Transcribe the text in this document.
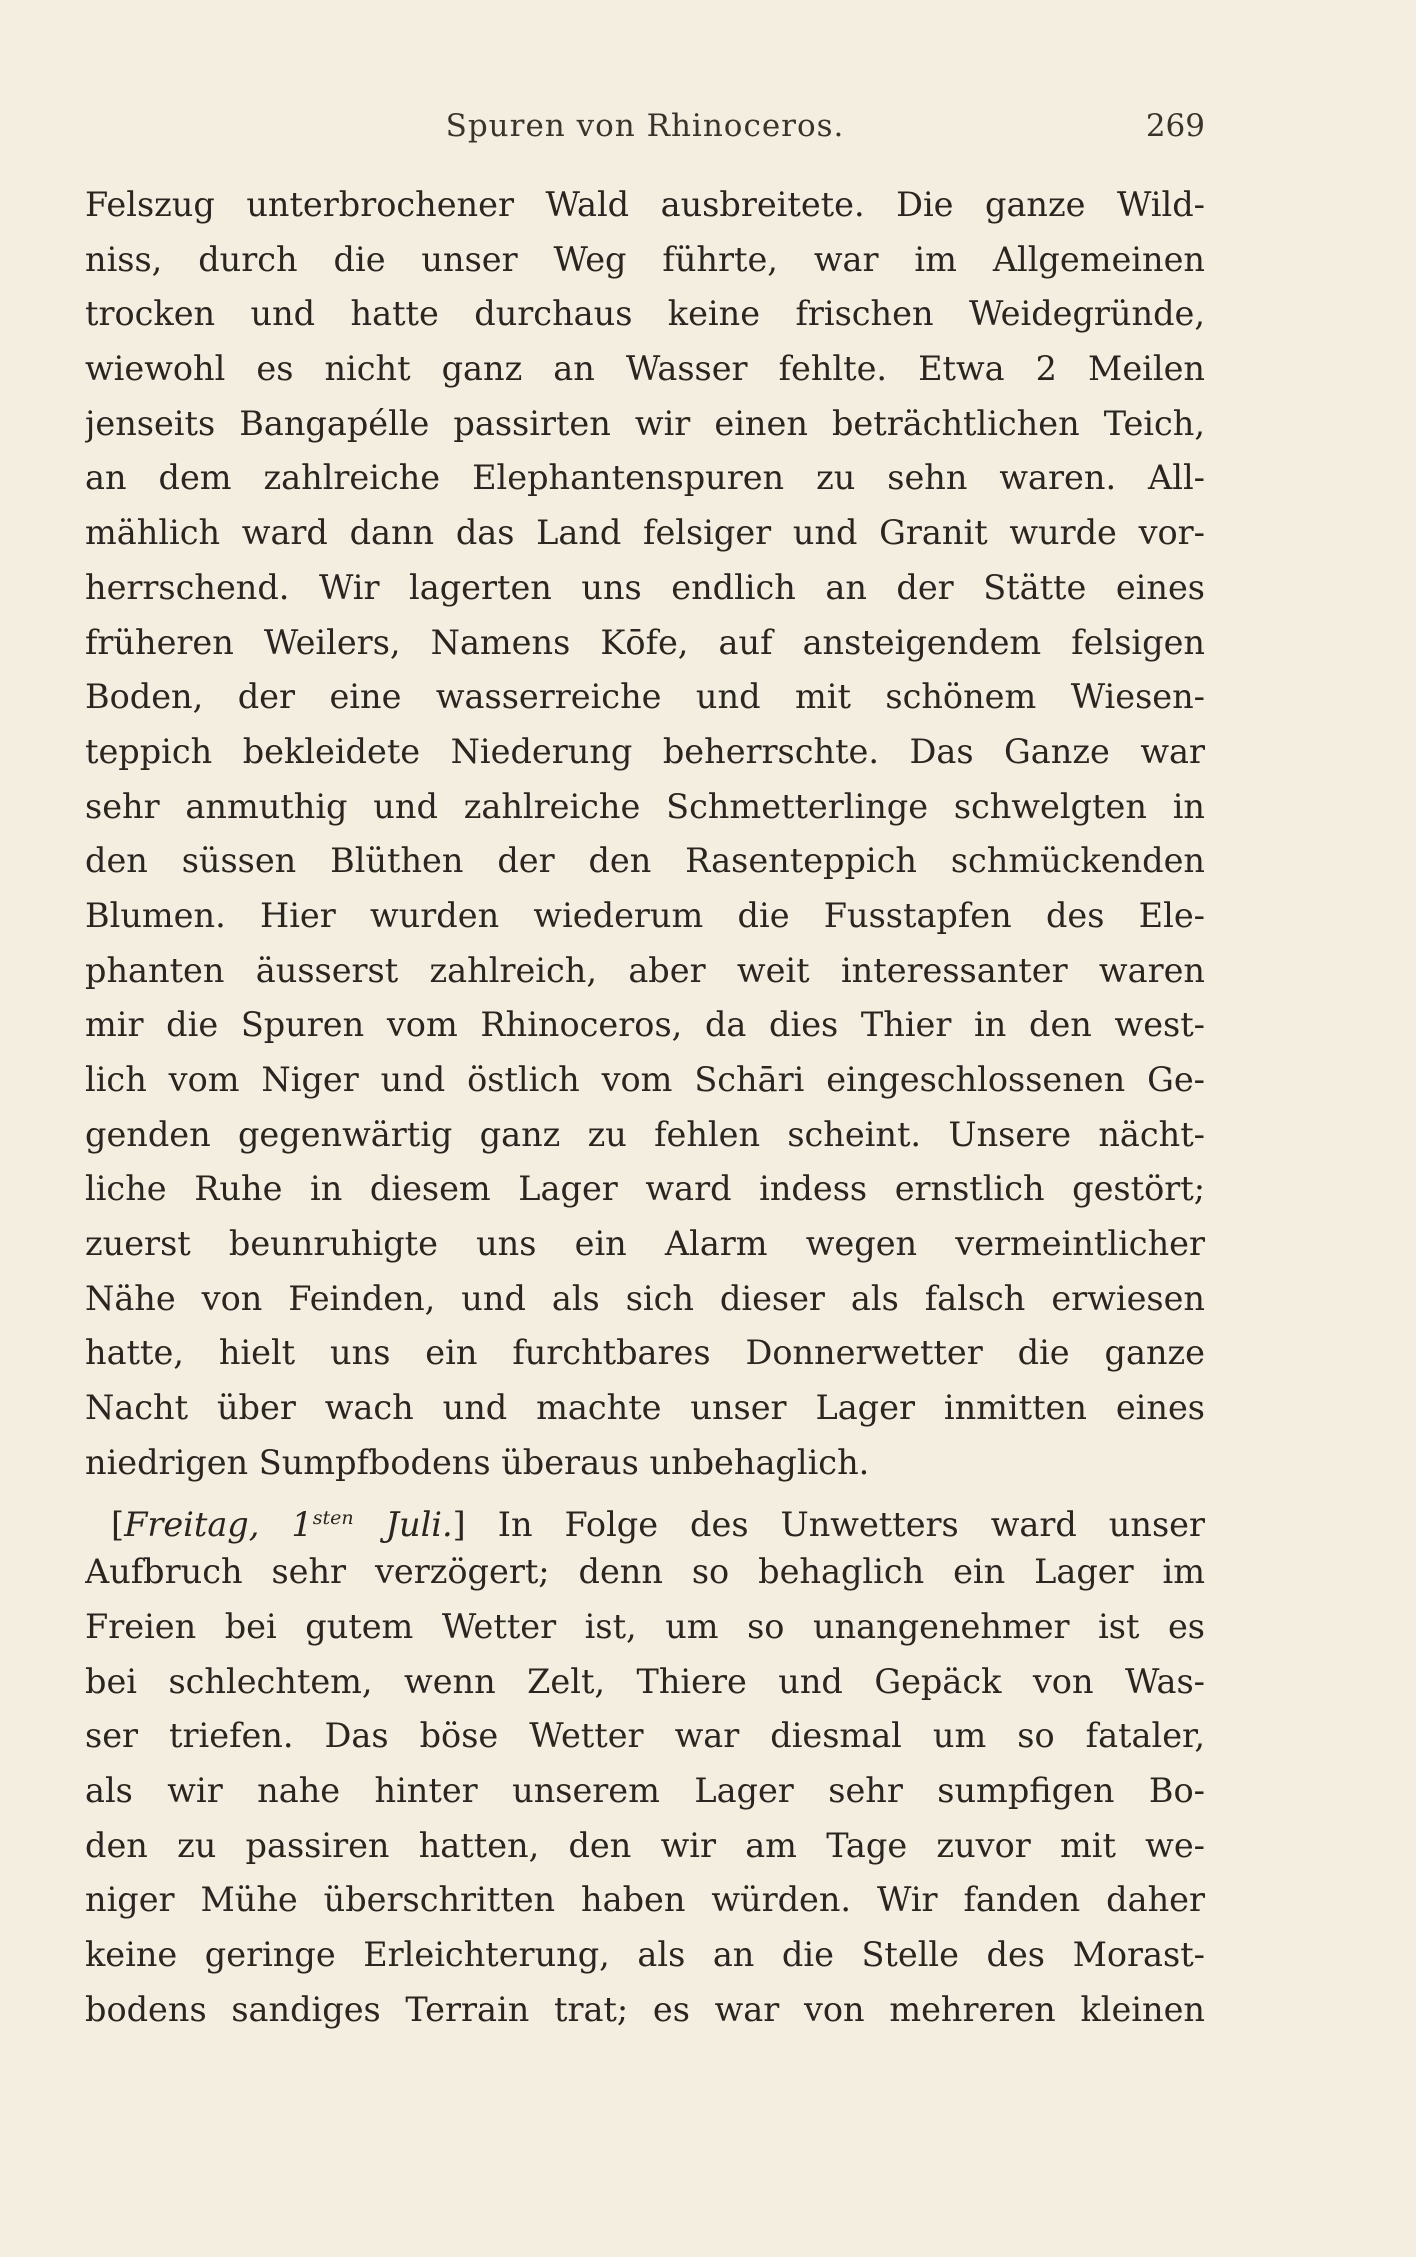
Spuren von Rhinoceros.	269
Felszug unterbrochener Wald ausbreitete. Die ganze Wild-
niss, durch die unser Weg führte, war im Allgemeinen
trocken und hatte durchaus keine frischen Weidegründe,
wiewohl es nicht ganz an Wasser fehlte. Etwa 2 Meilen
jenseits Bangapélle passirten wir einen beträchtlichen Teich,
an dem zahlreiche Elephantenspuren zu sehn waren. All-
mählich ward dann das Land felsiger und Granit wurde vor-
herrschend. Wir lagerten uns endlich an der Stätte eines
früheren Weilers, Namens Kōfe, auf ansteigendem felsigen
Boden, der eine wasserreiche und mit schönem Wiesen-
teppich bekleidete Niederung beherrschte. Das Ganze war
sehr anmuthig und zahlreiche Schmetterlinge schwelgten in
den süssen Blüthen der den Rasenteppich schmückenden
Blumen. Hier wurden wiederum die Fusstapfen des Ele-
phanten äusserst zahlreich, aber weit interessanter waren
mir die Spuren vom Rhinoceros, da dies Thier in den west-
lich vom Niger und östlich vom Schāri eingeschlossenen Ge-
genden gegenwärtig ganz zu fehlen scheint. Unsere nächt-
liche Ruhe in diesem Lager ward indess ernstlich gestört;
zuerst beunruhigte uns ein Alarm wegen vermeintlicher
Nähe von Feinden, und als sich dieser als falsch erwiesen
hatte, hielt uns ein furchtbares Donnerwetter die ganze
Nacht über wach und machte unser Lager inmitten eines
niedrigen Sumpfbodens überaus unbehaglich.
[Freitag, $1^{sten}$ Juli.] In Folge des Unwetters ward unser
Aufbruch sehr verzögert; denn so behaglich ein Lager im
Freien bei gutem Wetter ist, um so unangenehmer ist es
bei schlechtem, wenn Zelt, Thiere und Gepäck von Was-
ser triefen. Das böse Wetter war diesmal um so fataler,
als wir nahe hinter unserem Lager sehr sumpfigen Bo-
den zu passiren hatten, den wir am Tage zuvor mit we-
niger Mühe überschritten haben würden. Wir fanden daher
keine geringe Erleichterung, als an die Stelle des Morast-
bodens sandiges Terrain trat; es war von mehreren kleinen
